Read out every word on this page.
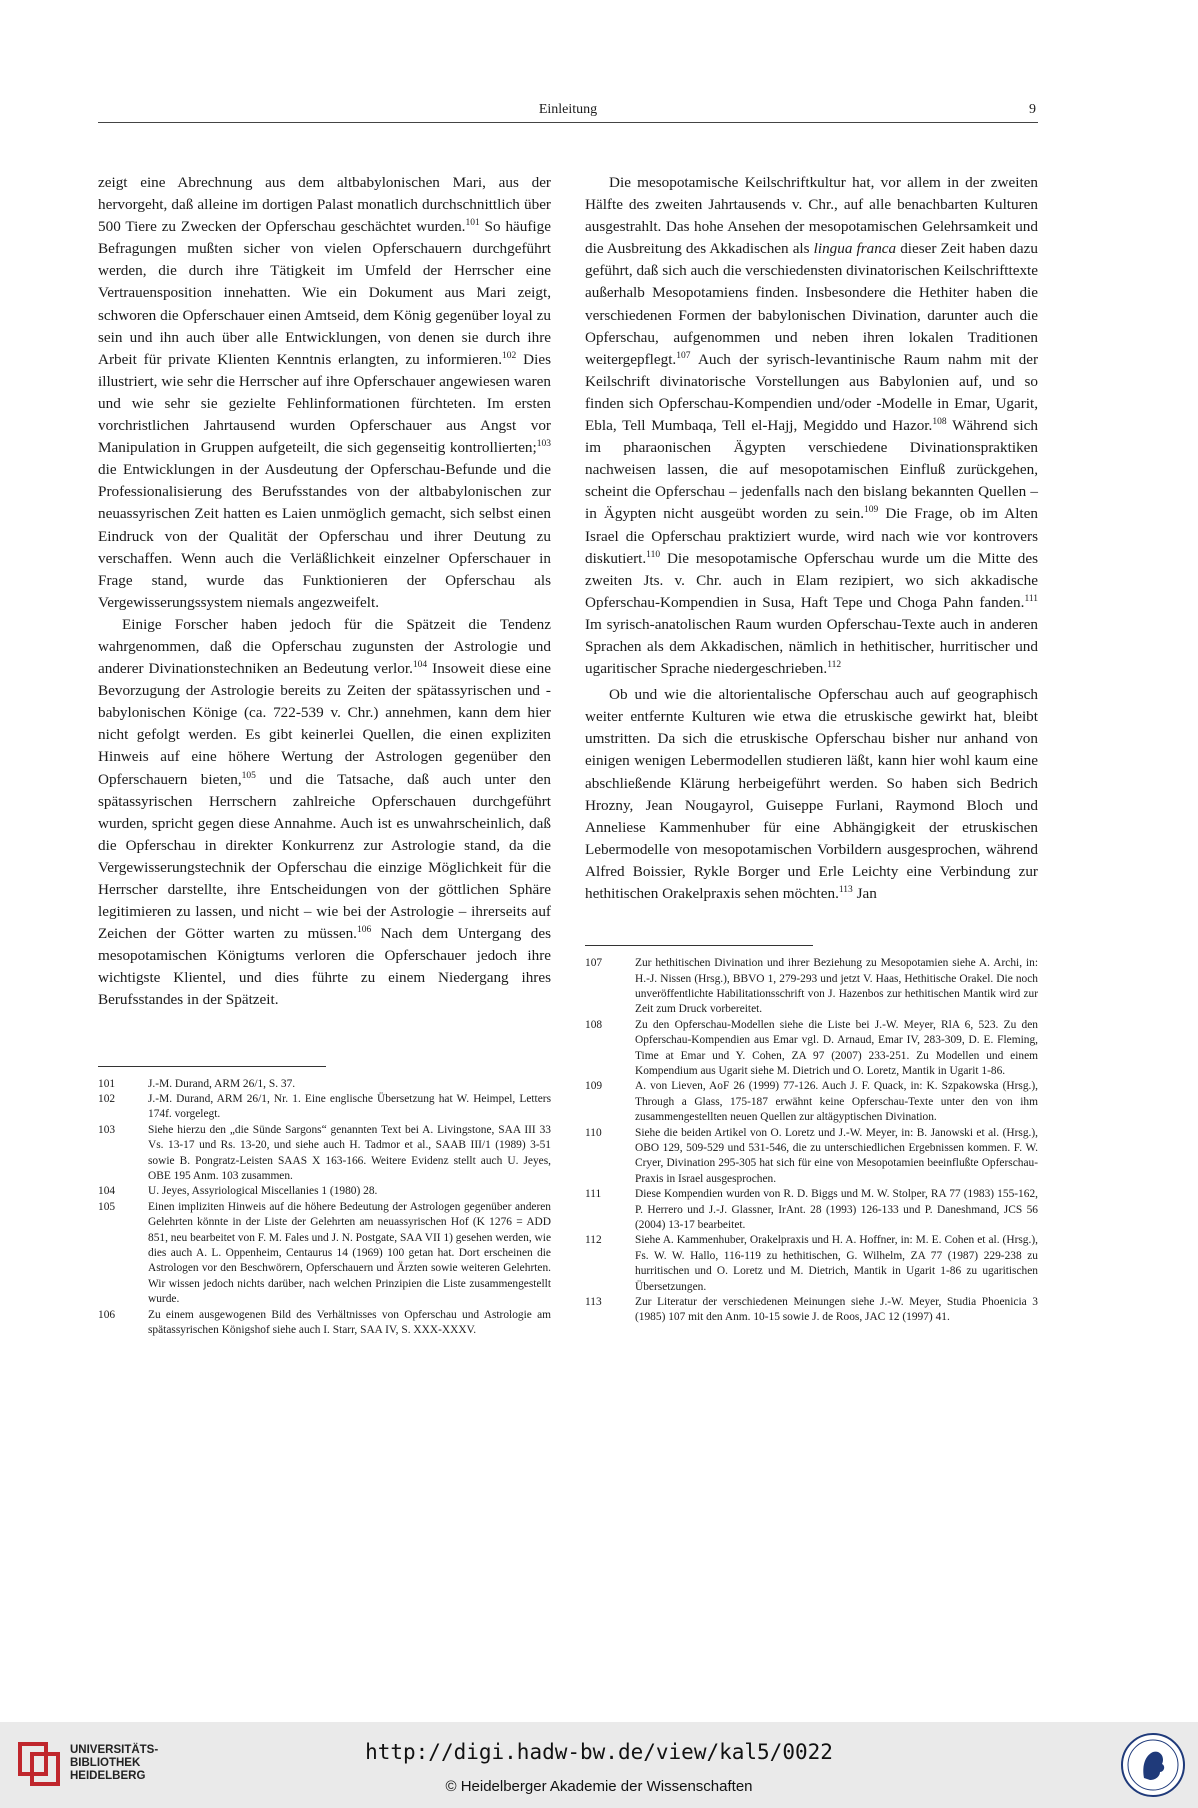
Einleitung	9

zeigt eine Abrechnung aus dem altbabylonischen Mari, aus der hervorgeht, daß alleine im dortigen Palast monatlich durchschnittlich über 500 Tiere zu Zwecken der Opferschau geschächtet wurden.$^{101}$ So häufige Befragungen mußten sicher von vielen Opferschauern durchgeführt werden, die durch ihre Tätigkeit im Umfeld der Herrscher eine Vertrauensposition innehatten. Wie ein Dokument aus Mari zeigt, schworen die Opferschauer einen Amtseid, dem König gegenüber loyal zu sein und ihn auch über alle Entwicklungen, von denen sie durch ihre Arbeit für private Klienten Kenntnis erlangten, zu informieren.$^{102}$ Dies illustriert, wie sehr die Herrscher auf ihre Opferschauer angewiesen waren und wie sehr sie gezielte Fehlinformationen fürchteten. Im ersten vorchristlichen Jahrtausend wurden Opferschauer aus Angst vor Manipulation in Gruppen aufgeteilt, die sich gegenseitig kontrollierten;$^{103}$ die Entwicklungen in der Ausdeutung der Opferschau-Befunde und die Professionalisierung des Berufsstandes von der altbabylonischen zur neuassyrischen Zeit hatten es Laien unmöglich gemacht, sich selbst einen Eindruck von der Qualität der Opferschau und ihrer Deutung zu verschaffen. Wenn auch die Verläßlichkeit einzelner Opferschauer in Frage stand, wurde das Funktionieren der Opferschau als Vergewisserungssystem niemals angezweifelt.

Einige Forscher haben jedoch für die Spätzeit die Tendenz wahrgenommen, daß die Opferschau zugunsten der Astrologie und anderer Divinationstechniken an Bedeutung verlor.$^{104}$ Insoweit diese eine Bevorzugung der Astrologie bereits zu Zeiten der spätassyrischen und -babylonischen Könige (ca. 722-539 v. Chr.) annehmen, kann dem hier nicht gefolgt werden. Es gibt keinerlei Quellen, die einen expliziten Hinweis auf eine höhere Wertung der Astrologen gegenüber den Opferschauern bieten,$^{105}$ und die Tatsache, daß auch unter den spätassyrischen Herrschern zahlreiche Opferschauen durchgeführt wurden, spricht gegen diese Annahme. Auch ist es unwahrscheinlich, daß die Opferschau in direkter Konkurrenz zur Astrologie stand, da die Vergewisserungstechnik der Opferschau die einzige Möglichkeit für die Herrscher darstellte, ihre Entscheidungen von der göttlichen Sphäre legitimieren zu lassen, und nicht – wie bei der Astrologie – ihrerseits auf Zeichen der Götter warten zu müssen.$^{106}$ Nach dem Untergang des mesopotamischen Königtums verloren die Opferschauer jedoch ihre wichtigste Klientel, und dies führte zu einem Niedergang ihres Berufsstandes in der Spätzeit.

101	J.-M. Durand, ARM 26/1, S. 37.
102	J.-M. Durand, ARM 26/1, Nr. 1. Eine englische Übersetzung hat W. Heimpel, Letters 174f. vorgelegt.
103	Siehe hierzu den „die Sünde Sargons“ genannten Text bei A. Livingstone, SAA III 33 Vs. 13-17 und Rs. 13-20, und siehe auch H. Tadmor et al., SAAB III/1 (1989) 3-51 sowie B. Pongratz-Leisten SAAS X 163-166. Weitere Evidenz stellt auch U. Jeyes, OBE 195 Anm. 103 zusammen.
104	U. Jeyes, Assyriological Miscellanies 1 (1980) 28.
105	Einen impliziten Hinweis auf die höhere Bedeutung der Astrologen gegenüber anderen Gelehrten könnte in der Liste der Gelehrten am neuassyrischen Hof (K 1276 = ADD 851, neu bearbeitet von F. M. Fales und J. N. Postgate, SAA VII 1) gesehen werden, wie dies auch A. L. Oppenheim, Centaurus 14 (1969) 100 getan hat. Dort erscheinen die Astrologen vor den Beschwörern, Opferschauern und Ärzten sowie weiteren Gelehrten. Wir wissen jedoch nichts darüber, nach welchen Prinzipien die Liste zusammengestellt wurde.
106	Zu einem ausgewogenen Bild des Verhältnisses von Opferschau und Astrologie am spätassyrischen Königshof siehe auch I. Starr, SAA IV, S. XXX-XXXV.

Die mesopotamische Keilschriftkultur hat, vor allem in der zweiten Hälfte des zweiten Jahrtausends v. Chr., auf alle benachbarten Kulturen ausgestrahlt. Das hohe Ansehen der mesopotamischen Gelehrsamkeit und die Ausbreitung des Akkadischen als lingua franca dieser Zeit haben dazu geführt, daß sich auch die verschiedensten divinatorischen Keilschrifttexte außerhalb Mesopotamiens finden. Insbesondere die Hethiter haben die verschiedenen Formen der babylonischen Divination, darunter auch die Opferschau, aufgenommen und neben ihren lokalen Traditionen weitergepflegt.$^{107}$ Auch der syrisch-levantinische Raum nahm mit der Keilschrift divinatorische Vorstellungen aus Babylonien auf, und so finden sich Opferschau-Kompendien und/oder -Modelle in Emar, Ugarit, Ebla, Tell Mumbaqa, Tell el-Hajj, Megiddo und Hazor.$^{108}$ Während sich im pharaonischen Ägypten verschiedene Divinationspraktiken nachweisen lassen, die auf mesopotamischen Einfluß zurückgehen, scheint die Opferschau – jedenfalls nach den bislang bekannten Quellen – in Ägypten nicht ausgeübt worden zu sein.$^{109}$ Die Frage, ob im Alten Israel die Opferschau praktiziert wurde, wird nach wie vor kontrovers diskutiert.$^{110}$ Die mesopotamische Opferschau wurde um die Mitte des zweiten Jts. v. Chr. auch in Elam rezipiert, wo sich akkadische Opferschau-Kompendien in Susa, Haft Tepe und Choga Pahn fanden.$^{111}$ Im syrisch-anatolischen Raum wurden Opferschau-Texte auch in anderen Sprachen als dem Akkadischen, nämlich in hethitischer, hurritischer und ugaritischer Sprache niedergeschrieben.$^{112}$

Ob und wie die altorientalische Opferschau auch auf geographisch weiter entfernte Kulturen wie etwa die etruskische gewirkt hat, bleibt umstritten. Da sich die etruskische Opferschau bisher nur anhand von einigen wenigen Lebermodellen studieren läßt, kann hier wohl kaum eine abschließende Klärung herbeigeführt werden. So haben sich Bedrich Hrozny, Jean Nougayrol, Guiseppe Furlani, Raymond Bloch und Anneliese Kammenhuber für eine Abhängigkeit der etruskischen Lebermodelle von mesopotamischen Vorbildern ausgesprochen, während Alfred Boissier, Rykle Borger und Erle Leichty eine Verbindung zur hethitischen Orakelpraxis sehen möchten.$^{113}$ Jan

107	Zur hethitischen Divination und ihrer Beziehung zu Mesopotamien siehe A. Archi, in: H.-J. Nissen (Hrsg.), BBVO 1, 279-293 und jetzt V. Haas, Hethitische Orakel. Die noch unveröffentlichte Habilitationsschrift von J. Hazenbos zur hethitischen Mantik wird zur Zeit zum Druck vorbereitet.
108	Zu den Opferschau-Modellen siehe die Liste bei J.-W. Meyer, RlA 6, 523. Zu den Opferschau-Kompendien aus Emar vgl. D. Arnaud, Emar IV, 283-309, D. E. Fleming, Time at Emar und Y. Cohen, ZA 97 (2007) 233-251. Zu Modellen und einem Kompendium aus Ugarit siehe M. Dietrich und O. Loretz, Mantik in Ugarit 1-86.
109	A. von Lieven, AoF 26 (1999) 77-126. Auch J. F. Quack, in: K. Szpakowska (Hrsg.), Through a Glass, 175-187 erwähnt keine Opferschau-Texte unter den von ihm zusammengestellten neuen Quellen zur altägyptischen Divination.
110	Siehe die beiden Artikel von O. Loretz und J.-W. Meyer, in: B. Janowski et al. (Hrsg.), OBO 129, 509-529 und 531-546, die zu unterschiedlichen Ergebnissen kommen. F. W. Cryer, Divination 295-305 hat sich für eine von Mesopotamien beeinflußte Opferschau-Praxis in Israel ausgesprochen.
111	Diese Kompendien wurden von R. D. Biggs und M. W. Stolper, RA 77 (1983) 155-162, P. Herrero und J.-J. Glassner, IrAnt. 28 (1993) 126-133 und P. Daneshmand, JCS 56 (2004) 13-17 bearbeitet.
112	Siehe A. Kammenhuber, Orakelpraxis und H. A. Hoffner, in: M. E. Cohen et al. (Hrsg.), Fs. W. W. Hallo, 116-119 zu hethitischen, G. Wilhelm, ZA 77 (1987) 229-238 zu hurritischen und O. Loretz und M. Dietrich, Mantik in Ugarit 1-86 zu ugaritischen Übersetzungen.
113	Zur Literatur der verschiedenen Meinungen siehe J.-W. Meyer, Studia Phoenicia 3 (1985) 107 mit den Anm. 10-15 sowie J. de Roos, JAC 12 (1997) 41.
UNIVERSITÄTS-
BIBLIOTHEK
HEIDELBERG
http://digi.hadw-bw.de/view/kal5/0022
© Heidelberger Akademie der Wissenschaften
